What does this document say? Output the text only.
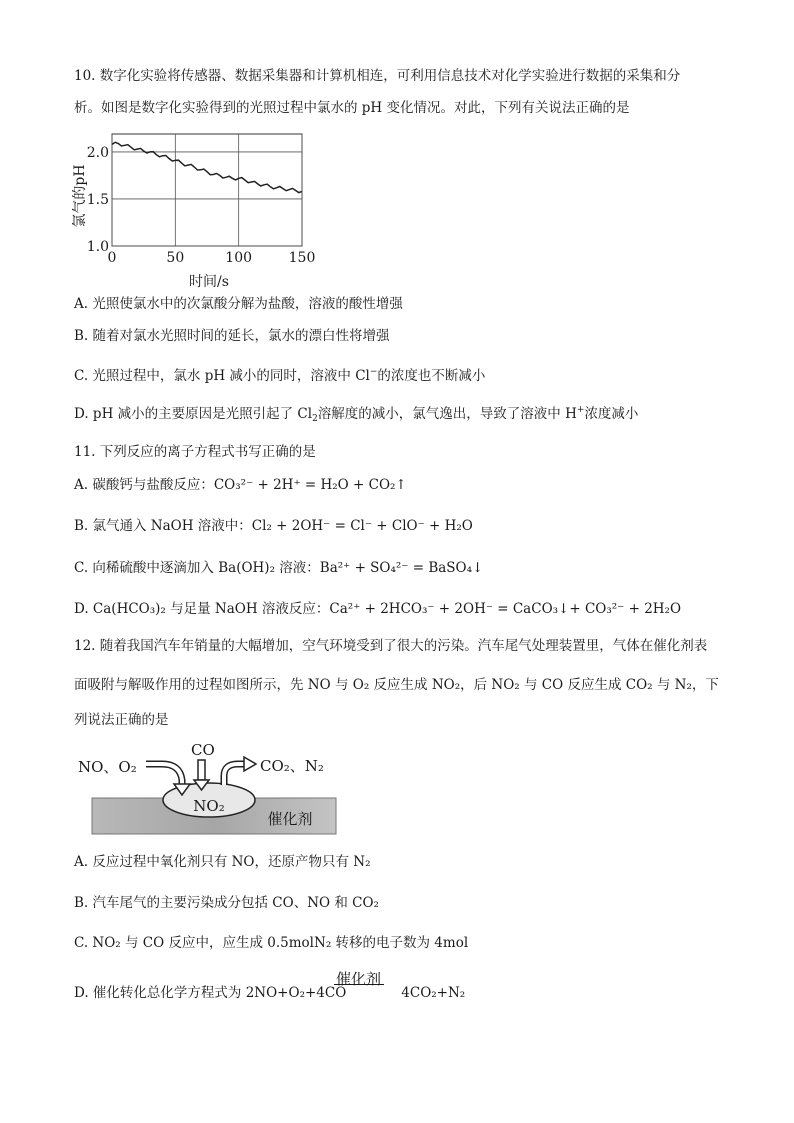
10. 数字化实验将传感器、数据采集器和计算机相连，可利用信息技术对化学实验进行数据的采集和分
析。如图是数字化实验得到的光照过程中氯水的 pH 变化情况。对此，下列有关说法正确的是
0	50	100	150
1.0
1.5
2.0
氯气的pH
时间/s
A. 光照使氯水中的次氯酸分解为盐酸，溶液的酸性增强
B. 随着对氯水光照时间的延长，氯水的漂白性将增强
C. 光照过程中，氯水 pH 减小的同时，溶液中 Cl−的浓度也不断减小
D. pH 减小的主要原因是光照引起了 $Cl_2$溶解度的减小，氯气逸出，导致了溶液中 H+浓度减小
11. 下列反应的离子方程式书写正确的是
A. 碳酸钙与盐酸反应：CO₃²⁻ + 2H⁺ = H₂O + CO₂↑
B. 氯气通入 NaOH 溶液中：Cl₂ + 2OH⁻ = Cl⁻ + ClO⁻ + H₂O
C. 向稀硫酸中逐滴加入 Ba(OH)₂ 溶液：Ba²⁺ + SO₄²⁻ = BaSO₄↓
D. Ca(HCO₃)₂ 与足量 NaOH 溶液反应：Ca²⁺ + 2HCO₃⁻ + 2OH⁻ = CaCO₃↓+ CO₃²⁻ + 2H₂O
12. 随着我国汽车年销量的大幅增加，空气环境受到了很大的污染。汽车尾气处理装置里，气体在催化剂表
面吸附与解吸作用的过程如图所示，先 NO 与 O₂ 反应生成 NO₂，后 NO₂ 与 CO 反应生成 CO₂ 与 N₂，下
列说法正确的是
NO、O₂
CO
CO₂、N₂
NO₂
催化剂
A. 反应过程中氧化剂只有 NO，还原产物只有 N₂
B. 汽车尾气的主要污染成分包括 CO、NO 和 CO₂
C. NO₂ 与 CO 反应中，应生成 0.5molN₂ 转移的电子数为 4mol
D. 催化转化总化学方程式为 2NO+O₂+4CO	4CO₂+N₂
催化剂
